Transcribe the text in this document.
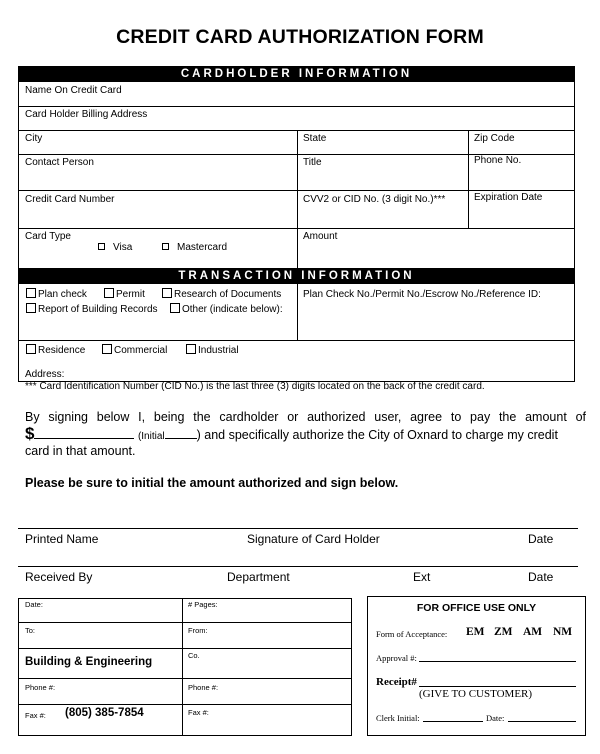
CREDIT CARD AUTHORIZATION FORM
CARDHOLDER INFORMATION
TRANSACTION INFORMATION
Name On Credit Card
Card Holder Billing Address
City	State	Zip Code
Contact Person	Title	Phone No.
Credit Card Number	CVV2 or CID No. (3 digit No.)***	Expiration Date
Card Type
Visa	Mastercard
Amount
Plan check	Permit	Research of Documents
Report of Building Records	Other (indicate below):
Plan Check No./Permit No./Escrow No./Reference ID:
Residence	Commercial	Industrial
Address:
*** Card Identification Number (CID No.) is the last three (3) digits located on the back of the credit card.
By signing below I, being the cardholder or authorized user, agree to pay the amount of
$	(Initial	) and specifically authorize the City of Oxnard to charge my credit
card in that amount.
Please be sure to initial the amount authorized and sign below.
Printed Name	Signature of Card Holder	Date
Received By	Department	Ext	Date
Date:	# Pages:
To:	From:
Building & Engineering
Co.
Phone #:	Phone #:
Fax #: (805) 385-7854	Fax #:
FOR OFFICE USE ONLY
Form of Acceptance: EM ZM AM NM
Approval #:
Receipt#
(GIVE TO CUSTOMER)
Clerk Initial:	Date:
